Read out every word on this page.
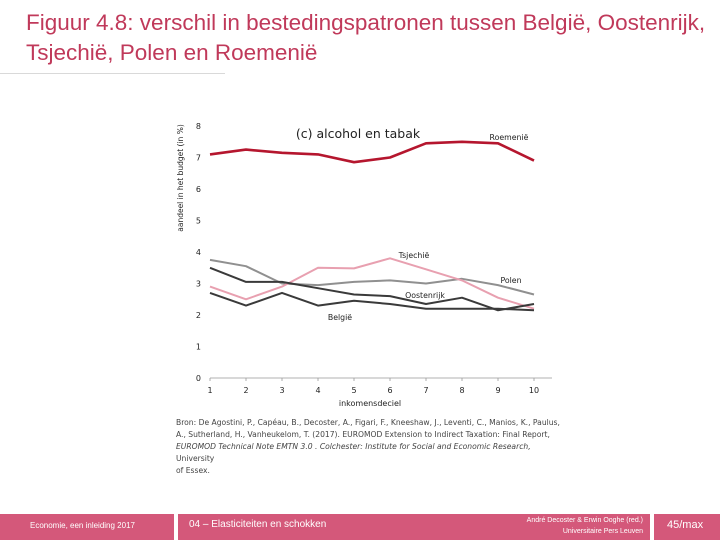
Figuur 4.8: verschil in bestedingspatronen tussen België, Oostenrijk, Tsjechië, Polen en Roemenië
(c) alcohol en tabak
aandeel in het budget (in %)
inkomensdeciel
0
1
2
3
4
5
6
7
8
1	2	3	4	5	6	7	8	9	10
Roemenië
Tsjechië
Polen
Oostenrijk
België
Bron: De Agostini, P., Capéau, B., Decoster, A., Figari, F., Kneeshaw, J., Leventi, C., Manios, K., Paulus,
A., Sutherland, H., Vanheukelom, T. (2017). EUROMOD Extension to Indirect Taxation: Final Report,
EUROMOD Technical Note EMTN 3.0 . Colchester: Institute for Social and Economic Research,
University
of Essex.
Economie, een inleiding 2017	04 – Elasticiteiten en schokken	André Decoster & Erwin Ooghe (red.)
Universitaire Pers Leuven
45/max
